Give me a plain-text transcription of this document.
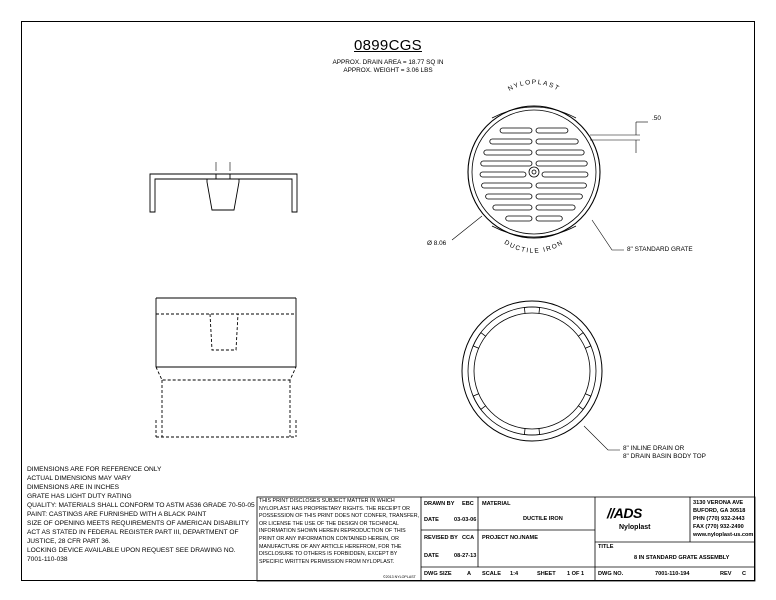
0899CGS
APPROX. DRAIN AREA = 18.77 SQ IN
APPROX. WEIGHT = 3.06 LBS
NYLOPLAST
DUCTILE IRON
.50
Ø 8.06
8" STANDARD GRATE
8" INLINE DRAIN OR
8" DRAIN BASIN BODY TOP
DIMENSIONS ARE FOR REFERENCE ONLY
ACTUAL DIMENSIONS MAY VARY
DIMENSIONS ARE IN INCHES
GRATE HAS LIGHT DUTY RATING
QUALITY: MATERIALS SHALL CONFORM TO ASTM A536 GRADE 70-50-05
PAINT: CASTINGS ARE FURNISHED WITH A BLACK PAINT
SIZE OF OPENING MEETS REQUIREMENTS OF AMERICAN DISABILITY
ACT AS STATED IN FEDERAL REGISTER PART III, DEPARTMENT OF
JUSTICE, 28 CFR PART 36.
LOCKING DEVICE AVAILABLE UPON REQUEST SEE DRAWING NO.
7001-110-038
THIS PRINT DISCLOSES SUBJECT MATTER IN WHICH NYLOPLAST HAS PROPRIETARY RIGHTS. THE RECEIPT OR POSSESSION OF THIS PRINT DOES NOT CONFER, TRANSFER, OR LICENSE THE USE OF THE DESIGN OR TECHNICAL INFORMATION SHOWN HEREIN REPRODUCTION OF THIS PRINT OR ANY INFORMATION CONTAINED HEREIN, OR MANUFACTURE OF ANY ARTICLE HEREFROM, FOR THE DISCLOSURE TO OTHERS IS FORBIDDEN, EXCEPT BY SPECIFIC WRITTEN PERMISSION FROM NYLOPLAST.
©2013 NYLOPLAST
DRAWN BY EBC
DATE	03-03-06
REVISED BY CCA
DATE	08-27-13
DWG SIZE	A SCALE 1:4	SHEET 1 OF 1
MATERIAL
DUCTILE IRON
PROJECT NO./NAME
//ADS
Nyloplast
3130 VERONA AVE
BUFORD, GA 30518
PHN (770) 932-2443
FAX (770) 932-2490
www.nyloplast-us.com
TITLE
8 IN STANDARD GRATE ASSEMBLY
DWG NO.	7001-110-194	REV C
